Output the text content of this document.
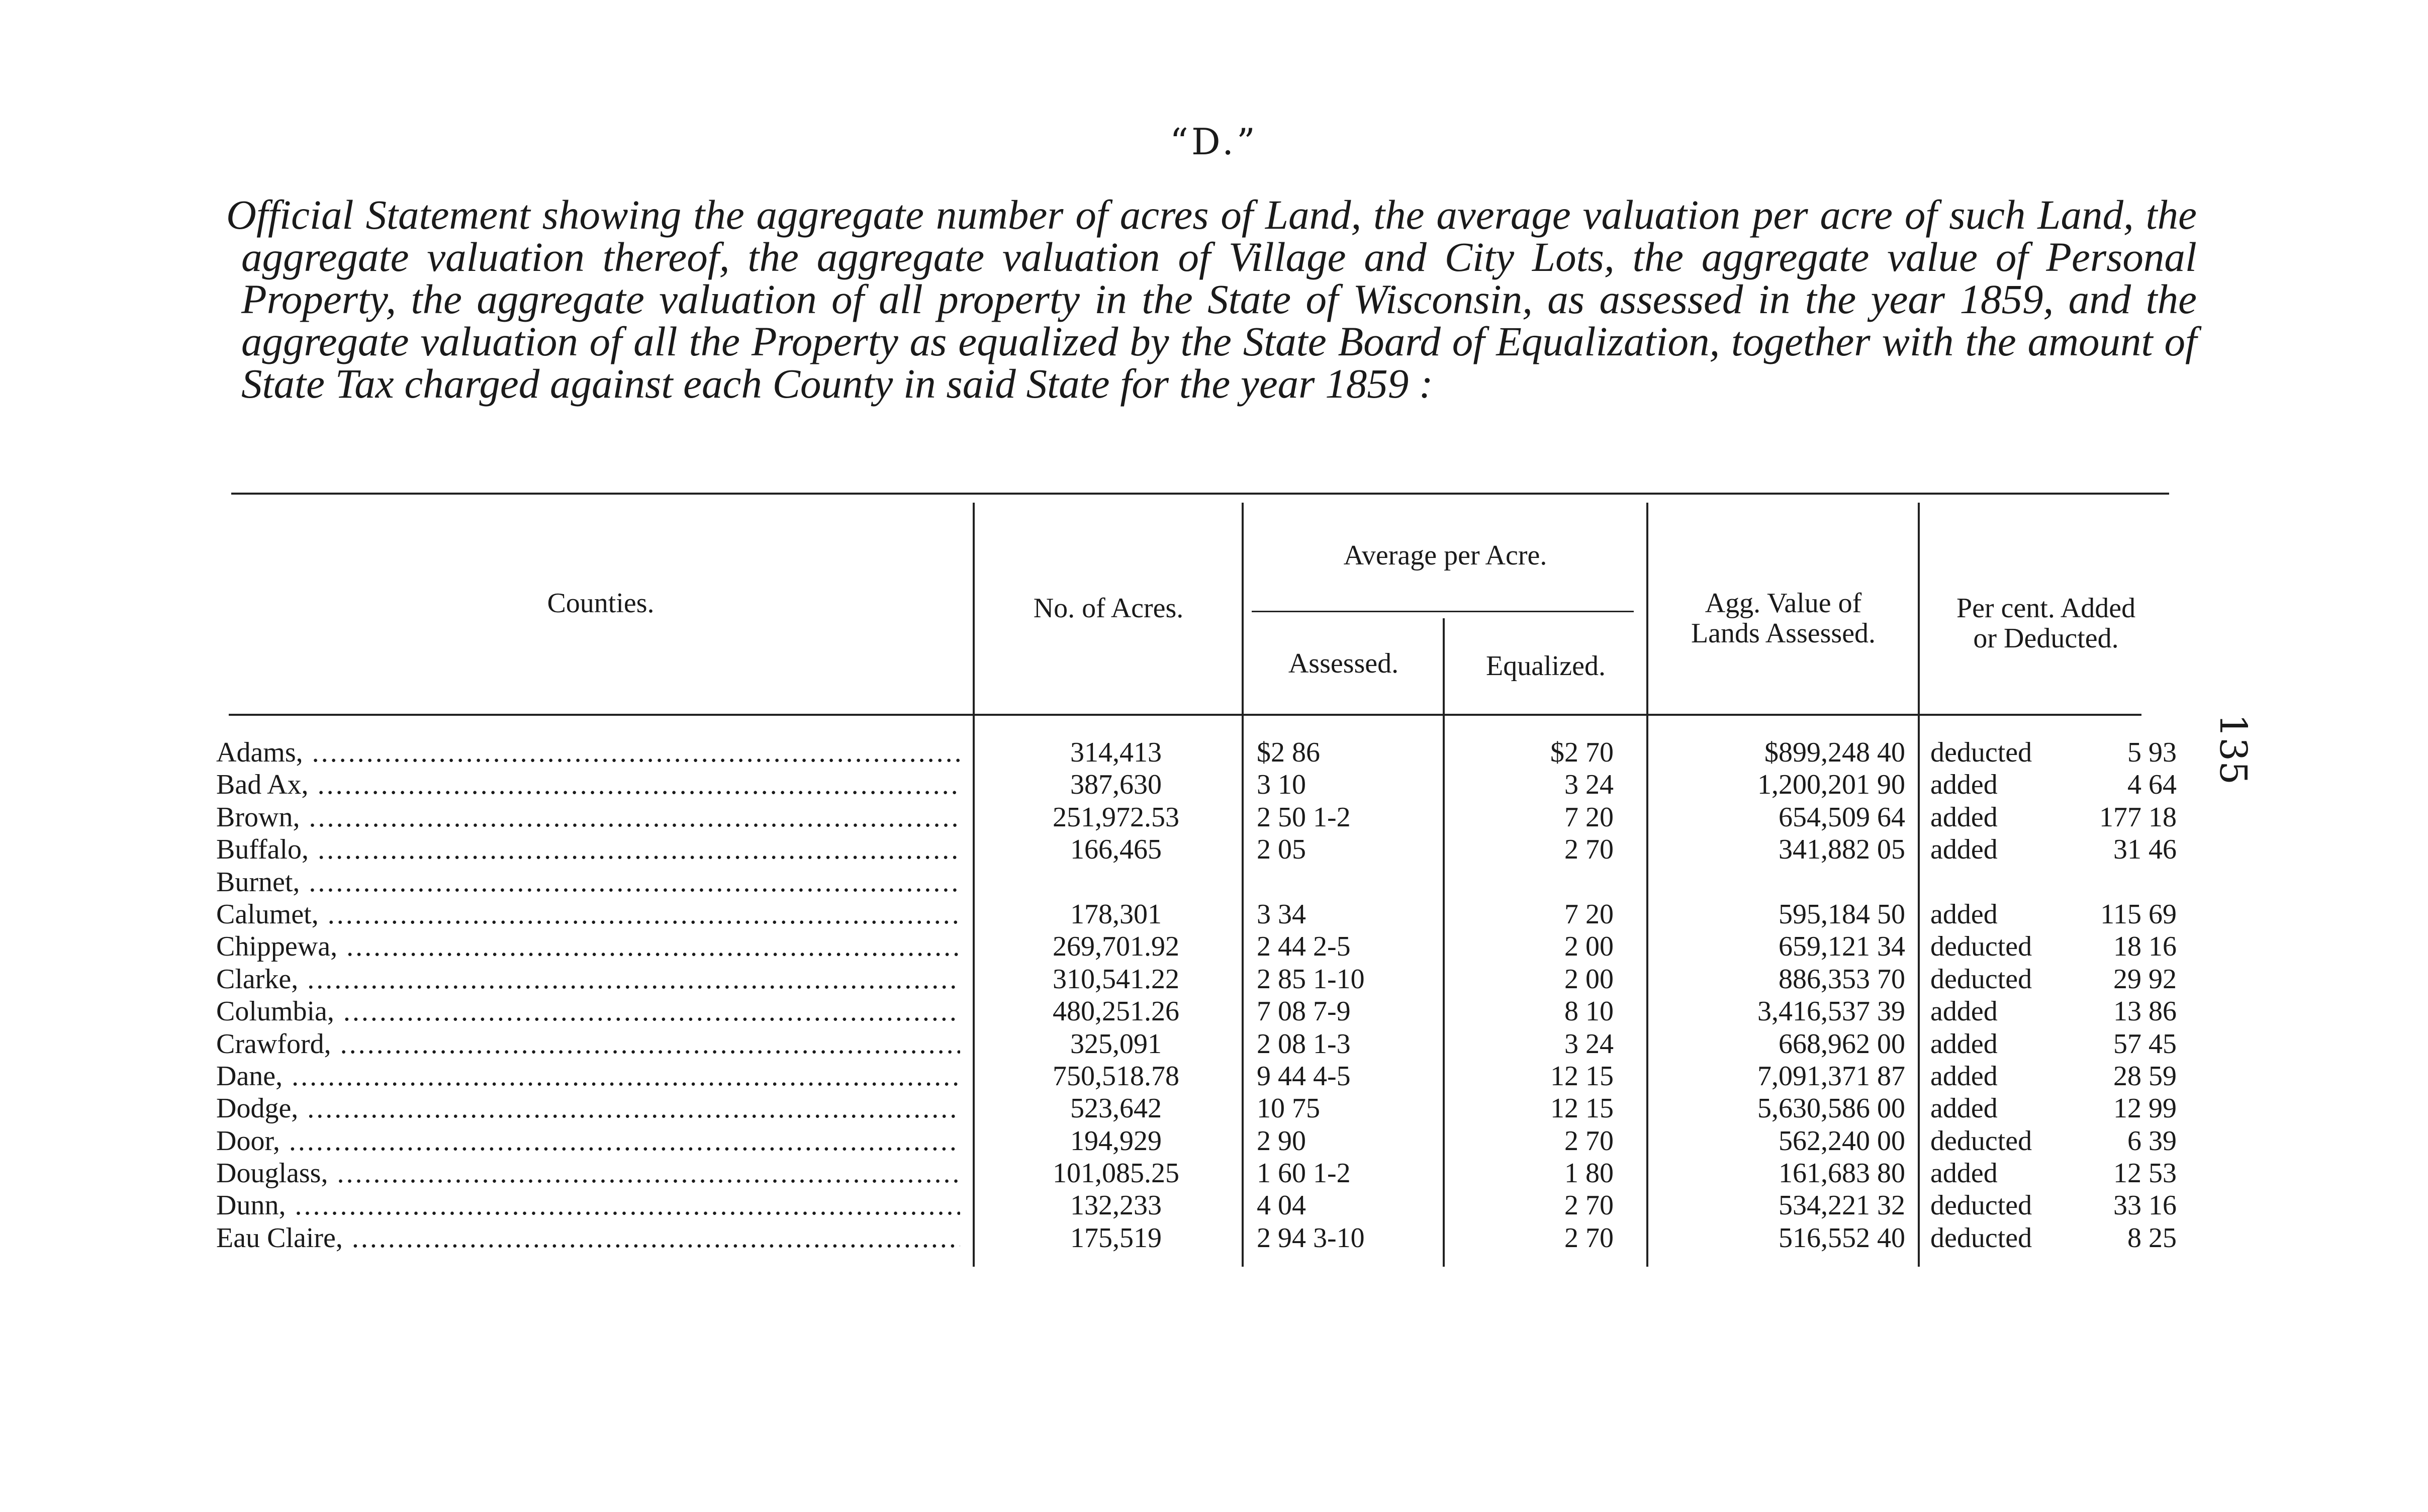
“D.”
Official Statement showing the aggregate number of acres of Land, the average valuation per acre of such Land, the aggregate valuation thereof, the aggregate valuation of Village and City Lots, the aggregate value of Personal Property, the aggregate valuation of all property in the State of Wisconsin, as assessed in the year 1859, and the aggregate valuation of all the Property as equalized by the State Board of Equalization, together with the amount of State Tax charged against each County in said State for the year 1859 :
135
Counties.	No. of Acres.
Average per Acre.
Assessed.	Equalized.
Agg. Value of
Lands Assessed.
Per cent. Added
or Deducted.
Adams, .....	314,413	$2 86	$2 70	$899,248 40 deducted	5 93
Bad Ax, .....	387,630	3 10	3 24	1,200,201 90 added	4 64
Brown, .....	251,972.53	2 50 1-2	7 20	654,509 64 added	177 18
Buffalo, .....	166,465	2 05	2 70	341,882 05 added	31 46
Burnet, .....
Calumet, .....	178,301	3 34	7 20	595,184 50 added	115 69
Chippewa, .....	269,701.92	2 44 2-5	2 00	659,121 34 deducted	18 16
Clarke, .....	310,541.22	2 85 1-10	2 00	886,353 70 deducted	29 92
Columbia, .....	480,251.26	7 08 7-9	8 10	3,416,537 39 added	13 86
Crawford, .....	325,091	2 08 1-3	3 24	668,962 00 added	57 45
Dane, .....	750,518.78	9 44 4-5	12 15	7,091,371 87 added	28 59
Dodge, .....	523,642	10 75	12 15	5,630,586 00 added	12 99
Door, .....	194,929	2 90	2 70	562,240 00 deducted	6 39
Douglass, .....	101,085.25	1 60 1-2	1 80	161,683 80 added	12 53
Dunn, .....	132,233	4 04	2 70	534,221 32 deducted	33 16
Eau Claire, .....	175,519	2 94 3-10	2 70	516,552 40 deducted	8 25
